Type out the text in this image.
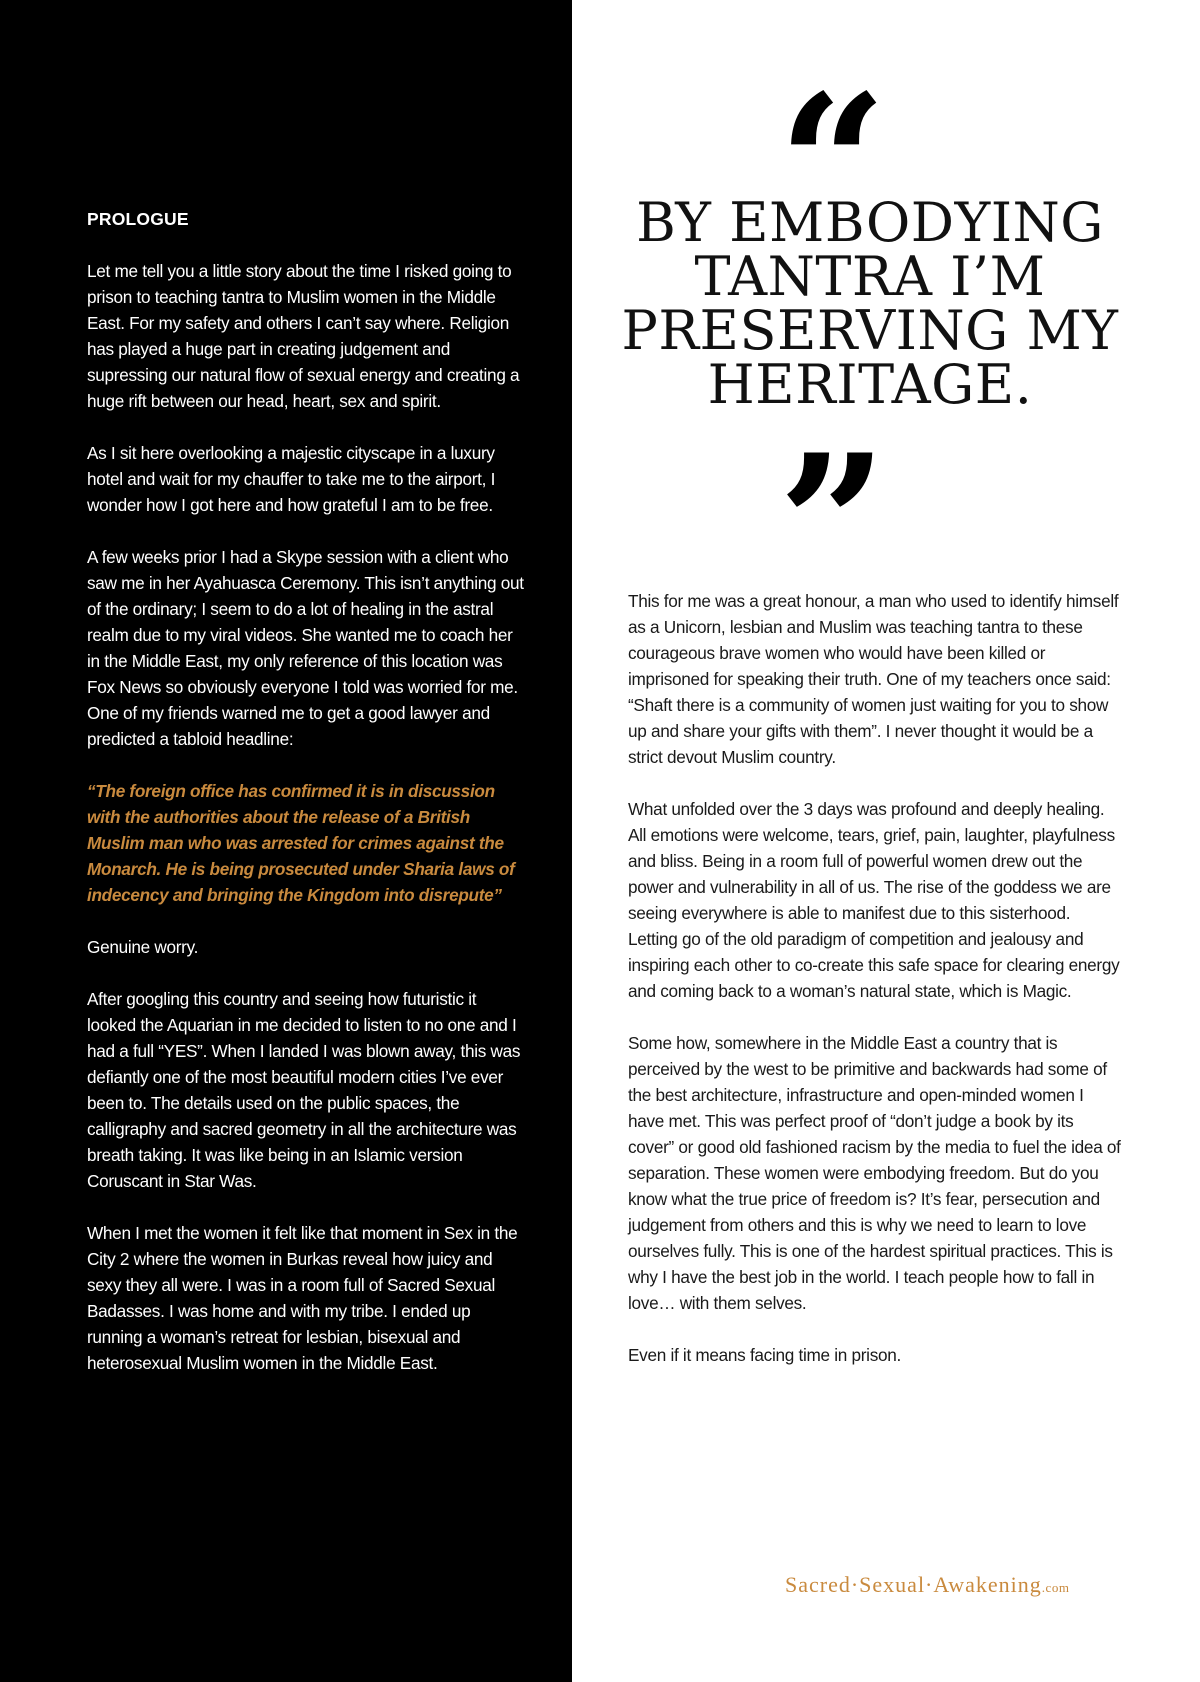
PROLOGUE

Let me tell you a little story about the time I risked going to prison to teaching tantra to Muslim women in the Middle East. For my safety and others I can’t say where. Religion has played a huge part in creating judgement and supressing our natural flow of sexual energy and creating a huge rift between our head, heart, sex and spirit.

As I sit here overlooking a majestic cityscape in a luxury hotel and wait for my chauffer to take me to the airport, I wonder how I got here and how grateful I am to be free.

A few weeks prior I had a Skype session with a client who saw me in her Ayahuasca Ceremony. This isn’t anything out of the ordinary; I seem to do a lot of healing in the astral realm due to my viral videos. She wanted me to coach her in the Middle East, my only reference of this location was Fox News so obviously everyone I told was worried for me. One of my friends warned me to get a good lawyer and predicted a tabloid headline:

“The foreign office has confirmed it is in discussion with the authorities about the release of a British Muslim man who was arrested for crimes against the Monarch. He is being prosecuted under Sharia laws of indecency and bringing the Kingdom into disrepute”

Genuine worry.

After googling this country and seeing how futuristic it looked the Aquarian in me decided to listen to no one and I had a full “YES”. When I landed I was blown away, this was defiantly one of the most beautiful modern cities I’ve ever been to. The details used on the public spaces, the calligraphy and sacred geometry in all the architecture was breath taking. It was like being in an Islamic version Coruscant in Star Was.

When I met the women it felt like that moment in Sex in the City 2 where the women in Burkas reveal how juicy and sexy they all were. I was in a room full of Sacred Sexual Badasses. I was home and with my tribe. I ended up running a woman’s retreat for lesbian, bisexual and heterosexual Muslim women in the Middle East.

“
BY EMBODYING TANTRA I’M PRESERVING MY HERITAGE.
”

This for me was a great honour, a man who used to identify himself as a Unicorn, lesbian and Muslim was teaching tantra to these courageous brave women who would have been killed or imprisoned for speaking their truth. One of my teachers once said: “Shaft there is a community of women just waiting for you to show up and share your gifts with them”. I never thought it would be a strict devout Muslim country.

What unfolded over the 3 days was profound and deeply healing. All emotions were welcome, tears, grief, pain, laughter, playfulness and bliss. Being in a room full of powerful women drew out the power and vulnerability in all of us. The rise of the goddess we are seeing everywhere is able to manifest due to this sisterhood. Letting go of the old paradigm of competition and jealousy and inspiring each other to co-create this safe space for clearing energy and coming back to a woman’s natural state, which is Magic.

Some how, somewhere in the Middle East a country that is perceived by the west to be primitive and backwards had some of the best architecture, infrastructure and open-minded women I have met. This was perfect proof of “don’t judge a book by its cover” or good old fashioned racism by the media to fuel the idea of separation. These women were embodying freedom. But do you know what the true price of freedom is? It’s fear, persecution and judgement from others and this is why we need to learn to love ourselves fully. This is one of the hardest spiritual practices. This is why I have the best job in the world. I teach people how to fall in love… with them selves.

Even if it means facing time in prison.

Sacred·Sexual·Awakening.com
